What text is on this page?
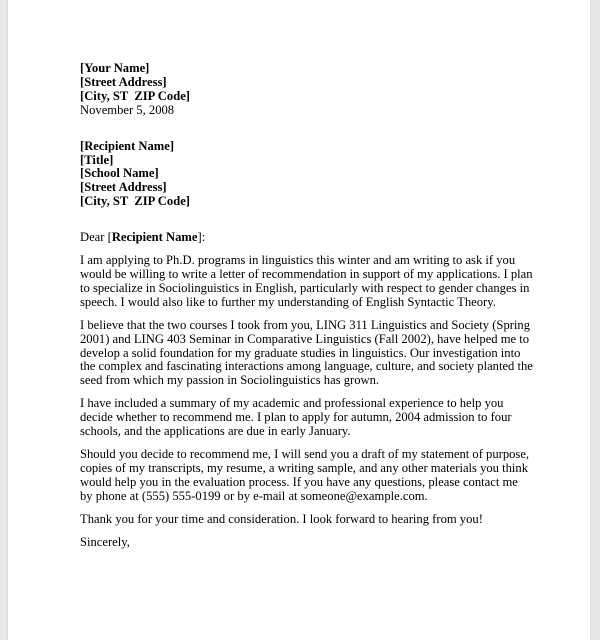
[Your Name]
[Street Address]
[City, ST  ZIP Code]
November 5, 2008
[Recipient Name]
[Title]
[School Name]
[Street Address]
[City, ST  ZIP Code]
Dear [Recipient Name]:

I am applying to Ph.D. programs in linguistics this winter and am writing to ask if you
would be willing to write a letter of recommendation in support of my applications. I plan
to specialize in Sociolinguistics in English, particularly with respect to gender changes in
speech. I would also like to further my understanding of English Syntactic Theory.

I believe that the two courses I took from you, LING 311 Linguistics and Society (Spring
2001) and LING 403 Seminar in Comparative Linguistics (Fall 2002), have helped me to
develop a solid foundation for my graduate studies in linguistics. Our investigation into
the complex and fascinating interactions among language, culture, and society planted the
seed from which my passion in Sociolinguistics has grown.

I have included a summary of my academic and professional experience to help you
decide whether to recommend me. I plan to apply for autumn, 2004 admission to four
schools, and the applications are due in early January.

Should you decide to recommend me, I will send you a draft of my statement of purpose,
copies of my transcripts, my resume, a writing sample, and any other materials you think
would help you in the evaluation process. If you have any questions, please contact me
by phone at (555) 555-0199 or by e-mail at someone@example.com.

Thank you for your time and consideration. I look forward to hearing from you!

Sincerely,
